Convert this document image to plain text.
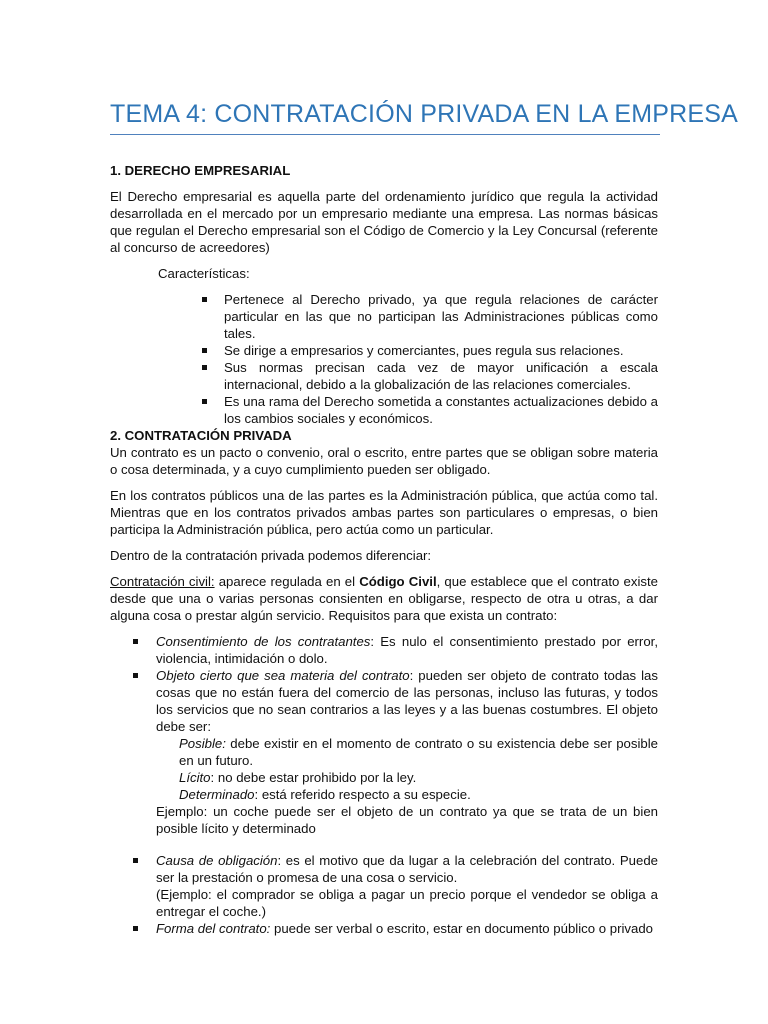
TEMA 4: CONTRATACIÓN PRIVADA EN LA EMPRESA

1. DERECHO EMPRESARIAL

El Derecho empresarial es aquella parte del ordenamiento jurídico que regula la actividad desarrollada en el mercado por un empresario mediante una empresa. Las normas básicas que regulan el Derecho empresarial son el Código de Comercio y la Ley Concursal (referente al concurso de acreedores)

Características:

Pertenece al Derecho privado, ya que regula relaciones de carácter particular en las que no participan las Administraciones públicas como tales.
Se dirige a empresarios y comerciantes, pues regula sus relaciones.
Sus normas precisan cada vez de mayor unificación a escala internacional, debido a la globalización de las relaciones comerciales.
Es una rama del Derecho sometida a constantes actualizaciones debido a los cambios sociales y económicos.

2. CONTRATACIÓN PRIVADA

Un contrato es un pacto o convenio, oral o escrito, entre partes que se obligan sobre materia o cosa determinada, y a cuyo cumplimiento pueden ser obligado.

En los contratos públicos una de las partes es la Administración pública, que actúa como tal. Mientras que en los contratos privados ambas partes son particulares o empresas, o bien participa la Administración pública, pero actúa como un particular.

Dentro de la contratación privada podemos diferenciar:

Contratación civil: aparece regulada en el Código Civil, que establece que el contrato existe desde que una o varias personas consienten en obligarse, respecto de otra u otras, a dar alguna cosa o prestar algún servicio. Requisitos para que exista un contrato:

Consentimiento de los contratantes: Es nulo el consentimiento prestado por error, violencia, intimidación o dolo.
Objeto cierto que sea materia del contrato: pueden ser objeto de contrato todas las cosas que no están fuera del comercio de las personas, incluso las futuras, y todos los servicios que no sean contrarios a las leyes y a las buenas costumbres. El objeto debe ser:
Posible: debe existir en el momento de contrato o su existencia debe ser posible en un futuro.
Lícito: no debe estar prohibido por la ley.
Determinado: está referido respecto a su especie.
Ejemplo: un coche puede ser el objeto de un contrato ya que se trata de un bien posible lícito y determinado
Causa de obligación: es el motivo que da lugar a la celebración del contrato. Puede ser la prestación o promesa de una cosa o servicio.
(Ejemplo: el comprador se obliga a pagar un precio porque el vendedor se obliga a entregar el coche.)
Forma del contrato: puede ser verbal o escrito, estar en documento público o privado
